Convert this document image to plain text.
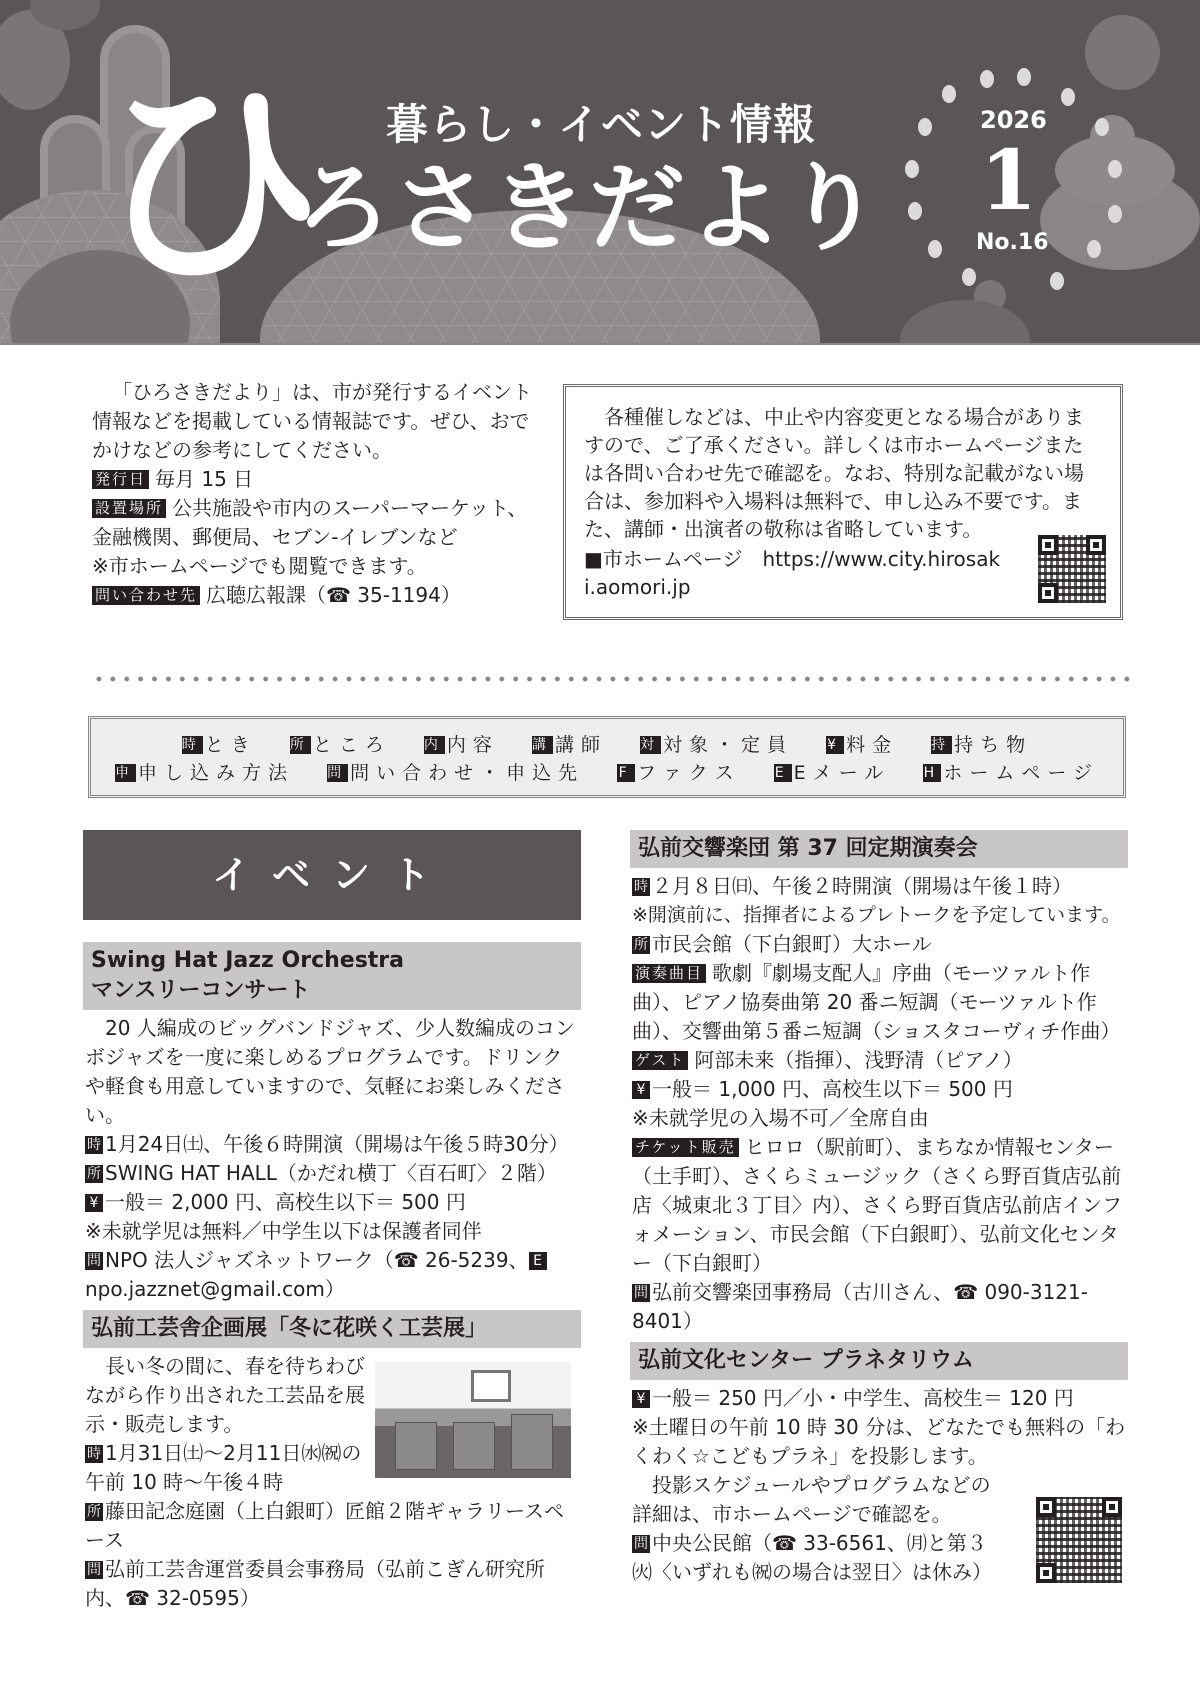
暮らし・イベント情報
ひ
ろさきだより
2026
1
No.16

「ひろさきだより」は、市が発行するイベント情報などを掲載している情報誌です。ぜひ、おでかけなどの参考にしてください。

発行日 毎月 15 日

設置場所 公共施設や市内のスーパーマーケット、金融機関、郵便局、セブン-イレブンなど

※市ホームページでも閲覧できます。

問い合わせ先 広聴広報課（☎ 35-1194）

各種催しなどは、中止や内容変更となる場合がありますので、ご了承ください。詳しくは市ホームページまたは各問い合わせ先で確認を。なお、特別な記載がない場合は、参加料や入場料は無料で、申し込み不要です。また、講師・出演者の敬称は省略しています。

■市ホームページ　 https://www.city.hirosaki.aomori.jp

時 とき 所 ところ 内 内容 講 講師 対 対象・定員 ¥ 料金 持 持ち物
申 申し込み方法 問 問い合わせ・申込先 F ファクス E Eメール H ホームページ
イベント
Swing Hat Jazz Orchestra
マンスリーコンサート

20 人編成のビッグバンドジャズ、少人数編成のコンボジャズを一度に楽しめるプログラムです。ドリンクや軽食も用意していますので、気軽にお楽しみください。

時 1月24日㈯、午後６時開演（開場は午後５時30分）

所 SWING HAT HALL（かだれ横丁〈百石町〉２階）

¥ 一般＝ 2,000 円、高校生以下＝ 500 円

※未就学児は無料／中学生以下は保護者同伴

問 NPO 法人ジャズネットワーク（☎ 26-5239、 Enpo.jazznet@gmail.com）

弘前工芸舎企画展「冬に花咲く工芸展」

長い冬の間に、春を待ちわびながら作り出された工芸品を展示・販売します。

時 1月31日㈯～2月11日㈬㈷の午前 10 時～午後４時

所 藤田記念庭園（上白銀町）匠館２階ギャラリースペース

問 弘前工芸舎運営委員会事務局（弘前こぎん研究所内、☎ 32-0595）

弘前交響楽団 第 37 回定期演奏会

時 ２月８日㈰、午後２時開演（開場は午後１時）

※開演前に、指揮者によるプレトークを予定しています。

所 市民会館（下白銀町）大ホール

演奏曲目 歌劇『劇場支配人』序曲（モーツァルト作曲）、ピアノ協奏曲第 20 番ニ短調（モーツァルト作曲）、交響曲第５番ニ短調（ショスタコーヴィチ作曲）

ゲスト 阿部未来（指揮）、浅野清（ピアノ）

¥ 一般＝ 1,000 円、高校生以下＝ 500 円

※未就学児の入場不可／全席自由

チケット販売 ヒロロ（駅前町）、まちなか情報センター（土手町）、さくらミュージック（さくら野百貨店弘前店〈城東北３丁目〉内）、さくら野百貨店弘前店インフォメーション、市民会館（下白銀町）、弘前文化センター（下白銀町）

問 弘前交響楽団事務局（古川さん、☎ 090-3121-8401）

弘前文化センター プラネタリウム

¥ 一般＝ 250 円／小・中学生、高校生＝ 120 円

※土曜日の午前 10 時 30 分は、どなたでも無料の「わくわく☆こどもプラネ」を投影します。

投影スケジュールやプログラムなどの詳細は、市ホームページで確認を。

問 中央公民館（☎ 33-6561、㈪と第３㈫〈いずれも㈷の場合は翌日〉は休み）
